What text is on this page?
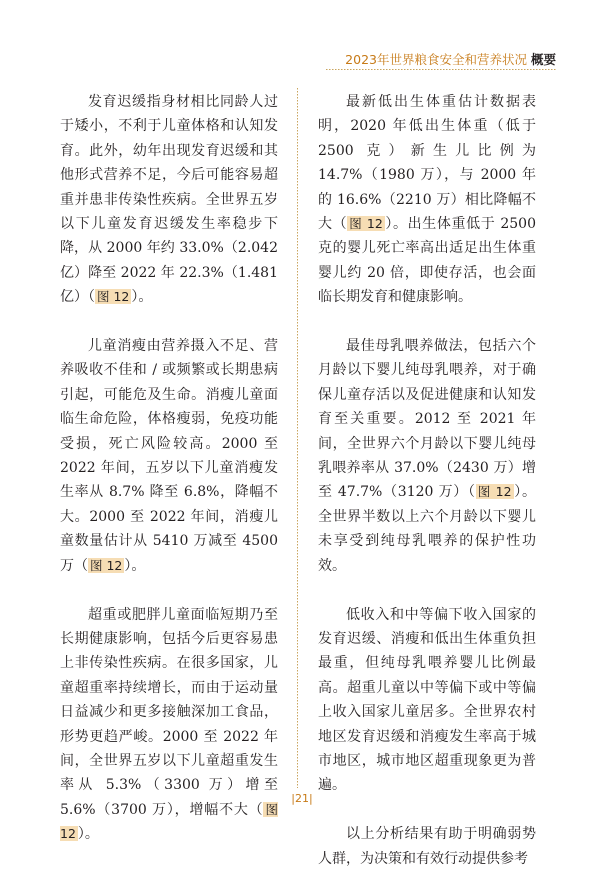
2023年世界粮食安全和营养状况 概要

发育迟缓指身材相比同龄人过于矮小，不利于儿童体格和认知发育。此外，幼年出现发育迟缓和其他形式营养不足，今后可能容易超重并患非传染性疾病。全世界五岁以下儿童发育迟缓发生率稳步下降，从 2000 年约 33.0%（2.042 亿）降至 2022 年 22.3%（1.481 亿）（ 图 12 ）。

儿童消瘦由营养摄入不足、营养吸收不佳和 / 或频繁或长期患病引起，可能危及生命。消瘦儿童面临生命危险，体格瘦弱，免疫功能受损，死亡风险较高。2000 至 2022 年间，五岁以下儿童消瘦发生率从 8.7% 降至 6.8%，降幅不大。2000 至 2022 年间，消瘦儿童数量估计从 5410 万减至 4500 万（ 图 12 ）。

超重或肥胖儿童面临短期乃至长期健康影响，包括今后更容易患上非传染性疾病。在很多国家，儿童超重率持续增长，而由于运动量日益减少和更多接触深加工食品，形势更趋严峻。2000 至 2022 年间，全世界五岁以下儿童超重发生率从 5.3%（3300 万）增至 5.6%（3700 万），增幅不大（ 图 12 ）。

最新低出生体重估计数据表明，2020 年低出生体重（低于 2500 克）新生儿比例为 14.7%（1980 万），与 2000 年的 16.6%（2210 万）相比降幅不大（ 图 12 ）。出生体重低于 2500 克的婴儿死亡率高出适足出生体重婴儿约 20 倍，即使存活，也会面临长期发育和健康影响。

最佳母乳喂养做法，包括六个月龄以下婴儿纯母乳喂养，对于确保儿童存活以及促进健康和认知发育至关重要。2012 至 2021 年间，全世界六个月龄以下婴儿纯母乳喂养率从 37.0%（2430 万）增至 47.7%（3120 万）（ 图 12 ）。全世界半数以上六个月龄以下婴儿未享受到纯母乳喂养的保护性功效。

低收入和中等偏下收入国家的发育迟缓、消瘦和低出生体重负担最重，但纯母乳喂养婴儿比例最高。超重儿童以中等偏下或中等偏上收入国家儿童居多。全世界农村地区发育迟缓和消瘦发生率高于城市地区，城市地区超重现象更为普遍。

以上分析结果有助于明确弱势人群，为决策和有效行动提供参考

|21|
